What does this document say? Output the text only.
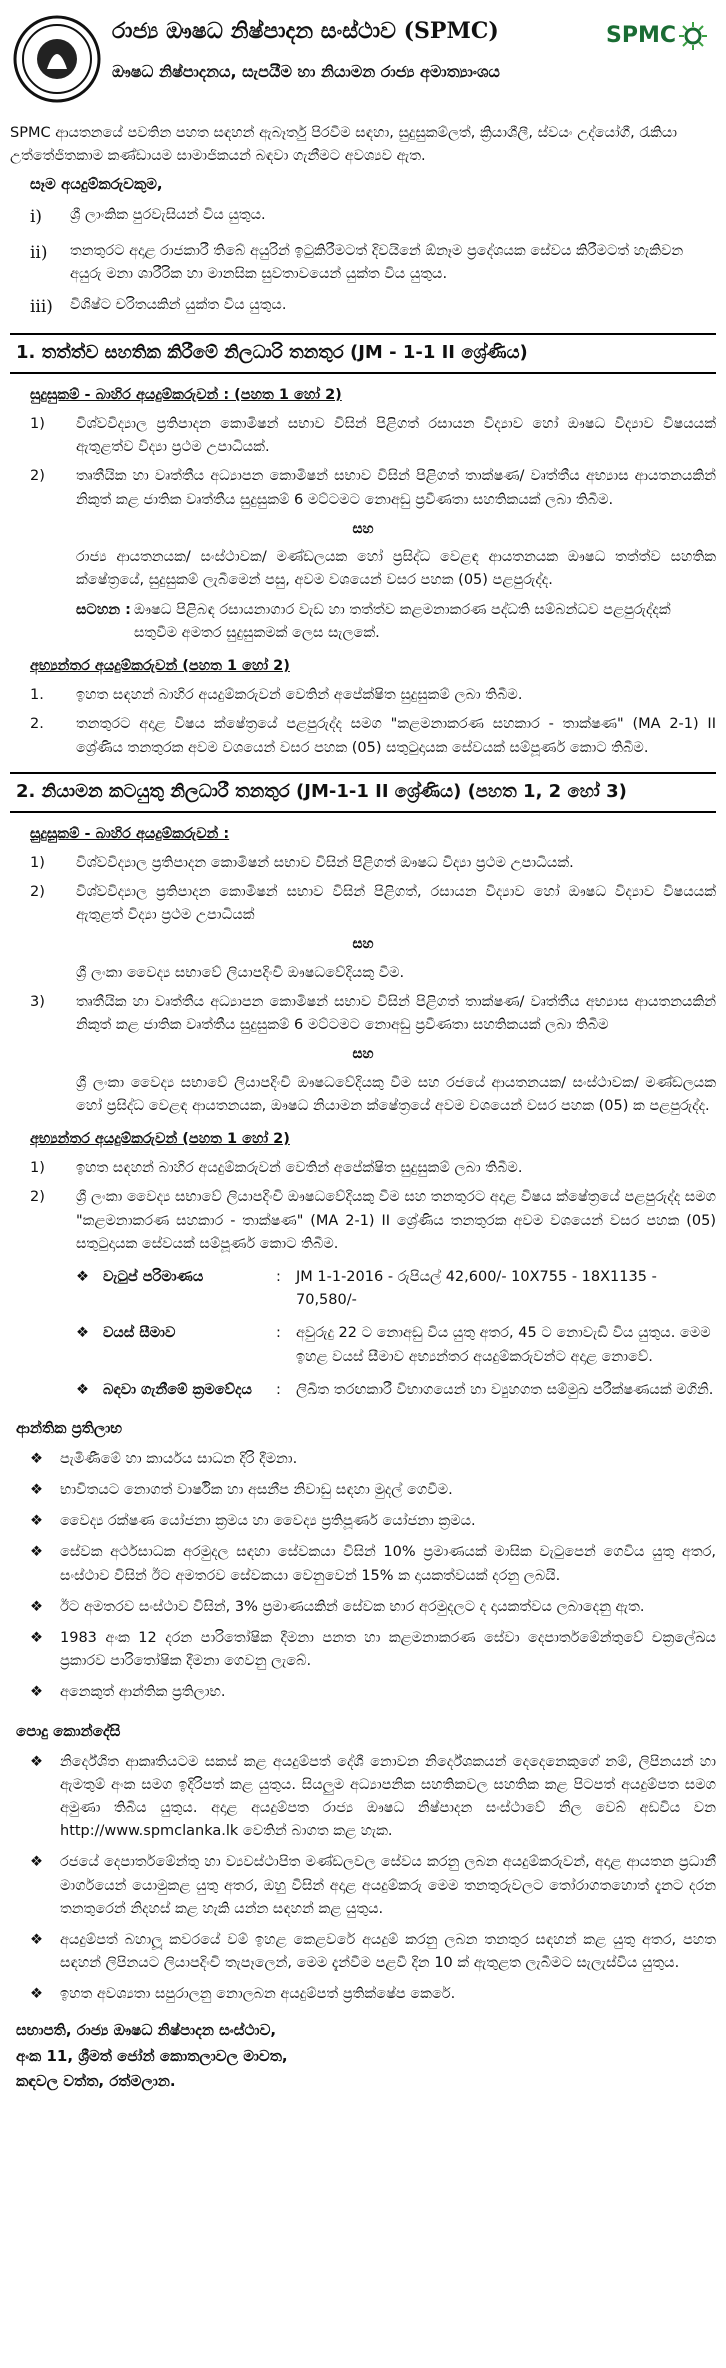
රාජ්‍ය ඖෂධ නිෂ්පාදන සංස්ථාව (SPMC)
ඖෂධ නිෂ්පාදනය, සැපයීම හා නියාමන රාජ්‍ය අමාත්‍යාංශය
SPMC

SPMC ආයතනයේ පවතින පහත සඳහන් ඇබෑර්තු පිරවීම සඳහා, සුදුසුකම්ලත්, ක්‍රියාශීලී, ස්වයං උද්යෝගී, රැකියා උත්තේජිතකාම කණ්ඩායම සාමාජිකයන් බඳවා ගැනීමට අවශ්‍යව ඇත.

සෑම අයදුම්කරුවකුම,

i)	ශ්‍රී ලාංකික පුරවැසියන් විය යුතුය.
ii)	තනතුරට අදාළ රාජකාරී තිබේ අයුරින් ඉටුකිරීමටත් දිවයිනේ ඕනෑම ප්‍රදේශයක සේවය කිරීමටත් හැකිවන අයුරු මනා ශාරීරික හා මානසික සුවතාවයෙන් යුක්ත විය යුතුය.
iii)	විශිෂ්ට චරිතයකින් යුක්ත විය යුතුය.
1. තත්ත්ව සහතික කිරීමේ නිලධාරි තනතුර (JM - 1-1 II ශ්‍රේණිය)
සුදුසුකම් - බාහිර අයදුම්කරුවන් : (පහත 1 හෝ 2)
1)	විශ්වවිද්‍යාල ප්‍රතිපාදන කොමිෂන් සභාව විසින් පිළිගත් රසායන විද්‍යාව හෝ ඖෂධ විද්‍යාව විෂයයක් ඇතුළත්ව විද්‍යා ප්‍රථම උපාධියක්.
2)	තෘතීයික හා වෘත්තීය අධ්‍යාපන කොමිෂන් සභාව විසින් පිළිගත් තාක්ෂණ/ වෘත්තීය අභ්‍යාස ආයතනයකින් නිකුත් කළ ජාතික වෘත්තීය සුදුසුකම් 6 මට්ටමට නොඅඩු ප්‍රවීණතා සහතිකයක් ලබා තිබීම.
සහ
රාජ්‍ය ආයතනයක/ සංස්ථාවක/ මණ්ඩලයක හෝ ප්‍රසිද්ධ වෙළඳ ආයතනයක ඖෂධ තත්ත්ව සහතික ක්ෂේත්‍රයේ, සුදුසුකම් ලැබීමෙන් පසු, අවම වශයෙන් වසර පහක (05) පළපුරුද්ද.
සටහන : ඖෂධ පිළිබඳ රසායනාගාර වැඩ හා තත්ත්ව කළමනාකරණ පද්ධති සම්බන්ධව පළපුරුද්දක් සතුවීම අමතර සුදුසුකමක් ලෙස සැලකේ.
අභ්‍යන්තර අයදුම්කරුවන් (පහත 1 හෝ 2)
1.	ඉහත සඳහන් බාහිර අයදුම්කරුවන් වෙතින් අපේක්ෂිත සුදුසුකම් ලබා තිබීම.
2.	තනතුරට අදාළ විෂය ක්ෂේත්‍රයේ පළපුරුද්ද සමග "කළමනාකරණ සහකාර - තාක්ෂණ" (MA 2-1) II ශ්‍රේණිය තනතුරක අවම වශයෙන් වසර පහක (05) සතුටුදායක සේවයක් සම්පූර්ණ කොට තිබීම.
2. නියාමන කටයුතු නිලධාරී තනතුර (JM-1-1 II ශ්‍රේණිය) (පහත 1, 2 හෝ 3)
සුදුසුකම් - බාහිර අයදුම්කරුවන් :
1)	විශ්වවිද්‍යාල ප්‍රතිපාදන කොමිෂන් සභාව විසින් පිළිගත් ඖෂධ විද්‍යා ප්‍රථම උපාධියක්.
2)	විශ්වවිද්‍යාල ප්‍රතිපාදන කොමිෂන් සභාව විසින් පිළිගත්, රසායන විද්‍යාව හෝ ඖෂධ විද්‍යාව විෂයයක් ඇතුළත් විද්‍යා ප්‍රථම උපාධියක්
සහ
ශ්‍රී ලංකා වෛද්‍ය සභාවේ ලියාපදිංචි ඖෂධවේදියකු වීම.
3)	තෘතීයික හා වෘත්තීය අධ්‍යාපන කොමිෂන් සභාව විසින් පිළිගත් තාක්ෂණ/ වෘත්තීය අභ්‍යාස ආයතනයකින් නිකුත් කළ ජාතික වෘත්තීය සුදුසුකම් 6 මට්ටමට නොඅඩු ප්‍රවීණතා සහතිකයක් ලබා තිබීම
සහ
ශ්‍රී ලංකා වෛද්‍ය සභාවේ ලියාපදිංචි ඖෂධවේදියකු වීම සහ රජයේ ආයතනයක/ සංස්ථාවක/ මණ්ඩලයක හෝ ප්‍රසිද්ධ වෙළඳ ආයතනයක, ඖෂධ නියාමන ක්ෂේත්‍රයේ අවම වශයෙන් වසර පහක (05) ක පළපුරුද්ද.
අභ්‍යන්තර අයදුම්කරුවන් (පහත 1 හෝ 2)
1)	ඉහත සඳහන් බාහිර අයදුම්කරුවන් වෙතින් අපේක්ෂිත සුදුසුකම් ලබා තිබීම.
2)	ශ්‍රී ලංකා වෛද්‍ය සභාවේ ලියාපදිංචි ඖෂධවේදියකු වීම සහ තනතුරට අදාළ විෂය ක්ෂේත්‍රයේ පළපුරුද්ද සමග "කළමනාකරණ සහකාර - තාක්ෂණ" (MA 2-1) II ශ්‍රේණිය තනතුරක අවම වශයෙන් වසර පහක (05) සතුටුදායක සේවයක් සම්පූර්ණ කොට තිබීම.
❖ වැටුප් පරිමාණය	:	JM 1-1-2016 - රුපියල් 42,600/- 10X755 - 18X1135 - 70,580/-
❖ වයස් සීමාව	:	අවුරුදු 22 ට නොඅඩු විය යුතු අතර, 45 ට නොවැඩි විය යුතුය. මෙම ඉහළ වයස් සීමාව අභ්‍යන්තර අයදුම්කරුවන්ට අදාළ නොවේ.
❖ බඳවා ගැනීමේ ක්‍රමවේදය	:	ලිඛිත තරඟකාරී විභාගයෙන් හා ව්‍යුහගත සම්මුඛ පරීක්ෂණයක් මගිනි.
ආන්තික ප්‍රතිලාභ
❖	පැමිණීමේ හා කාර්යය සාධන දිරි දීමනා.
❖	භාවිතයට නොගත් වාර්ෂික හා අසනීප නිවාඩු සඳහා මුදල් ගෙවීම.
❖	වෛද්‍ය රක්ෂණ යෝජනා ක්‍රමය හා වෛද්‍ය ප්‍රතිපූර්ණ යෝජනා ක්‍රමය.
❖	සේවක අර්ථසාධක අරමුදල සඳහා සේවකයා විසින් 10% ප්‍රමාණයක් මාසික වැටුපෙන් ගෙවිය යුතු අතර, සංස්ථාව විසින් ඊට අමතරව සේවකයා වෙනුවෙන් 15% ක දායකත්වයක් දරනු ලබයි.
❖	ඊට අමතරව සංස්ථාව විසින්, 3% ප්‍රමාණයකින් සේවක භාර අරමුදලට ද දායකත්වය ලබාදෙනු ඇත.
❖	1983 අංක 12 දරන පාරිතෝෂික දීමනා පනත හා කළමනාකරණ සේවා දෙපාර්තමේන්තුවේ චක්‍රලේඛය ප්‍රකාරව පාරිතෝෂික දීමනා ගෙවනු ලැබේ.
❖	අනෙකුත් ආන්තික ප්‍රතිලාභ.
පොදු කොන්දේසි
❖	නිර්දේශිත ආකෘතියටම සකස් කළ අයදුම්පත් දේශී නොවන නිර්දේශකයන් දෙදෙනෙකුගේ නම්, ලිපිනයන් හා ඇමතුම් අංක සමග ඉදිරිපත් කළ යුතුය. සියලුම අධ්‍යාපනික සහතිකවල සහතික කළ පිටපත් අයදුම්පත සමග අමුණා තිබිය යුතුය. අදාළ අයදුම්පත රාජ්‍ය ඖෂධ නිෂ්පාදන සංස්ථාවේ නිල වෙබ් අඩවිය වන http://www.spmclanka.lk වෙතින් බාගත කළ හැක.
❖	රජයේ දෙපාර්තමේන්තු හා ව්‍යවස්ථාපිත මණ්ඩලවල සේවය කරනු ලබන අයදුම්කරුවන්, අදාළ ආයතන ප්‍රධානී මාර්ගයෙන් යොමුකළ යුතු අතර, ඔහු විසින් අදාළ අයදුම්කරු මෙම තනතුරුවලට තෝරාගතහොත් දැනට දරන තනතුරෙන් නිදහස් කළ හැකි යන්න සඳහන් කළ යුතුය.
❖	අයදුම්පත් බහාලූ කවරයේ වම් ඉහළ කෙළවරේ අයදුම් කරනු ලබන තනතුර සඳහන් කළ යුතු අතර, පහත සඳහන් ලිපිනයට ලියාපදිංචි තැපෑලෙන්, මෙම දැන්වීම පළවී දින 10 ක් ඇතුළත ලැබීමට සැලැස්විය යුතුය.
❖	ඉහත අවශ්‍යතා සපුරාලනු නොලබන අයදුම්පත් ප්‍රතික්ෂේප කෙරේ.
සභාපති, රාජ්‍ය ඖෂධ නිෂ්පාදන සංස්ථාව,
අංක 11, ශ්‍රීමත් ජෝන් කොතලාවල මාවත,
කඳවල වත්ත, රත්මලාන.
